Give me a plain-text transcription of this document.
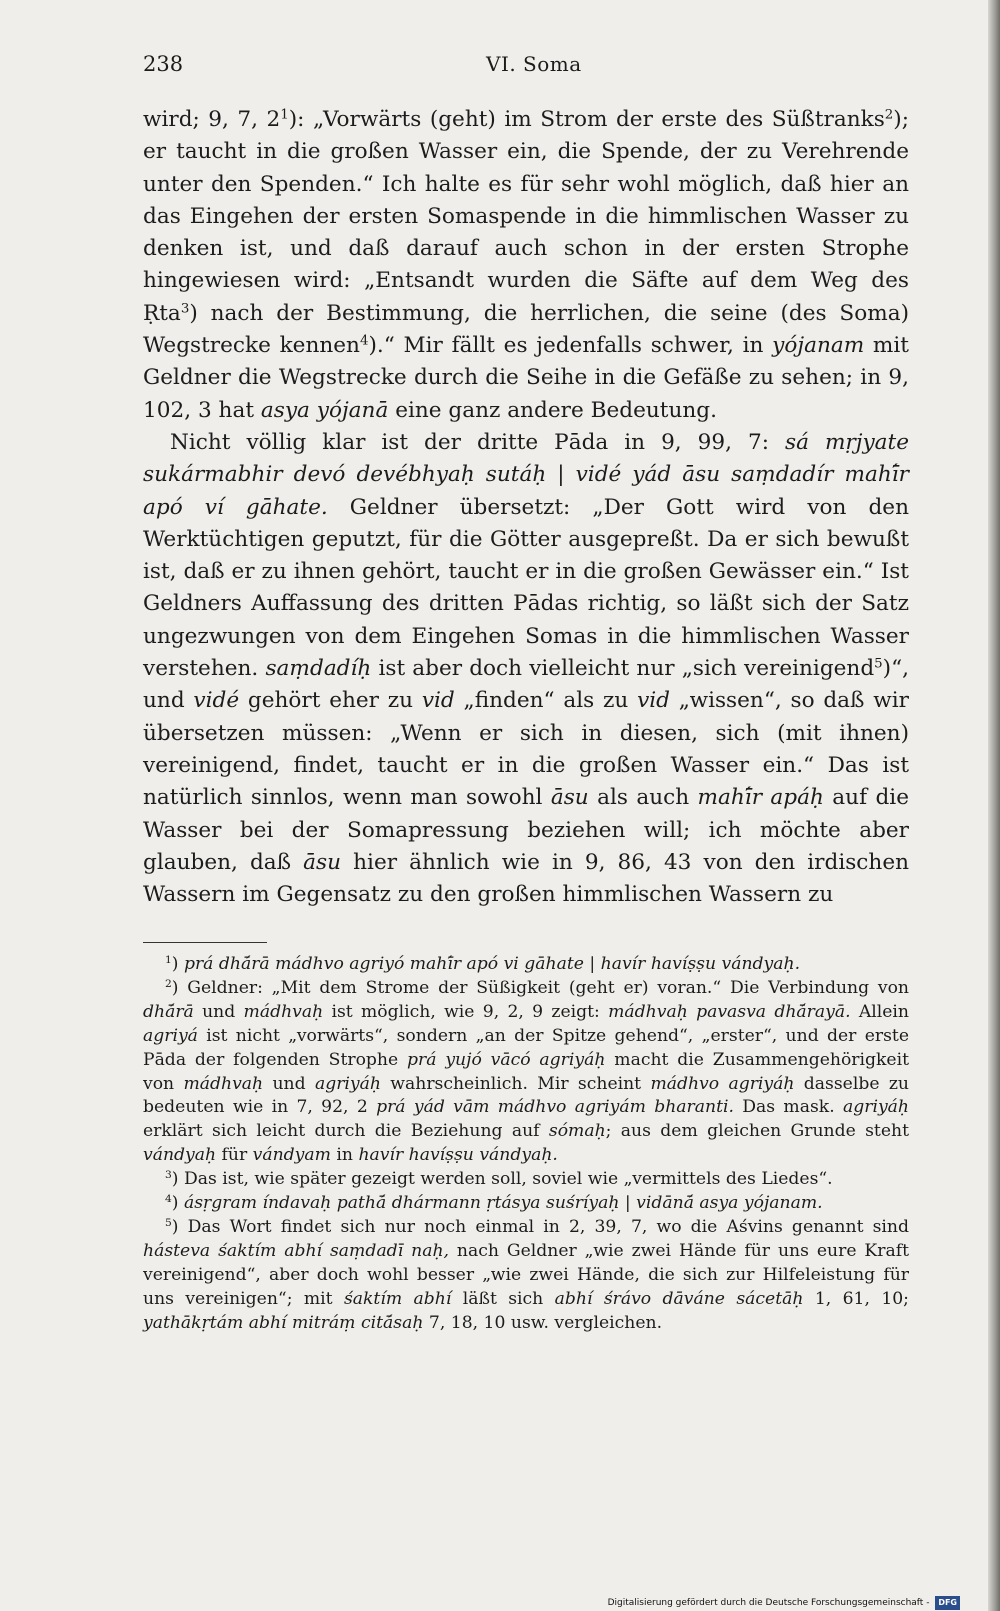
238	VI. Soma

wird; 9, 7, $2^1$): „Vorwärts (geht) im Strom der erste des Süßtranks$^2$); er taucht in die großen Wasser ein, die Spende, der zu Verehrende unter den Spenden.“ Ich halte es für sehr wohl möglich, daß hier an das Eingehen der ersten Somaspende in die himmlischen Wasser zu denken ist, und daß darauf auch schon in der ersten Strophe hingewiesen wird: „Entsandt wurden die Säfte auf dem Weg des Ṛta$^3$) nach der Bestimmung, die herrlichen, die seine (des Soma) Wegstrecke kennen$^4$).“ Mir fällt es jedenfalls schwer, in yójanam mit Geldner die Wegstrecke durch die Seihe in die Gefäße zu sehen; in 9, 102, 3 hat asya yójanā eine ganz andere Bedeutung.

Nicht völlig klar ist der dritte Pāda in 9, 99, 7: sá mṛjyate sukármabhir devó devébhyaḥ sutáḥ | vidé yád āsu saṃdadír mahī́r apó ví gāhate. Geldner übersetzt: „Der Gott wird von den Werktüchtigen geputzt, für die Götter ausgepreßt. Da er sich bewußt ist, daß er zu ihnen gehört, taucht er in die großen Gewässer ein.“ Ist Geldners Auffassung des dritten Pādas richtig, so läßt sich der Satz ungezwungen von dem Eingehen Somas in die himmlischen Wasser verstehen. saṃdadíḥ ist aber doch vielleicht nur „sich vereinigend$^5$)“, und vidé gehört eher zu vid „finden“ als zu vid „wissen“, so daß wir übersetzen müssen: „Wenn er sich in diesen, sich (mit ihnen) vereinigend, findet, taucht er in die großen Wasser ein.“ Das ist natürlich sinnlos, wenn man sowohl āsu als auch mahī́r apáḥ auf die Wasser bei der Somapressung beziehen will; ich möchte aber glauben, daß āsu hier ähnlich wie in 9, 86, 43 von den irdischen Wassern im Gegensatz zu den großen himmlischen Wassern zu

$^1$) prá dhā́rā mádhvo agriyó mahī́r apó vi gāhate | havír havíṣṣu vándyaḥ.

$^2$) Geldner: „Mit dem Strome der Süßigkeit (geht er) voran.“ Die Verbindung von dhā́rā und mádhvaḥ ist möglich, wie 9, 2, 9 zeigt: mádhvaḥ pavasva dhā́rayā. Allein agriyá ist nicht „vorwärts“, sondern „an der Spitze gehend“, „erster“, und der erste Pāda der folgenden Strophe prá yujó vācó agriyáḥ macht die Zusammengehörigkeit von mádhvaḥ und agriyáḥ wahrscheinlich. Mir scheint mádhvo agriyáḥ dasselbe zu bedeuten wie in 7, 92, 2 prá yád vām mádhvo agriyám bharanti. Das mask. agriyáḥ erklärt sich leicht durch die Beziehung auf sómaḥ; aus dem gleichen Grunde steht vándyaḥ für vándyam in havír havíṣṣu vándyaḥ.

$^3$) Das ist, wie später gezeigt werden soll, soviel wie „vermittels des Liedes“.

$^4$) ásṛgram índavaḥ pathā́ dhármann ṛtásya suśríyaḥ | vidānā́ asya yójanam.

$^5$) Das Wort findet sich nur noch einmal in 2, 39, 7, wo die Aśvins genannt sind hásteva śaktím abhí saṃdadī naḥ, nach Geldner „wie zwei Hände für uns eure Kraft vereinigend“, aber doch wohl besser „wie zwei Hände, die sich zur Hilfeleistung für uns vereinigen“; mit śaktím abhí läßt sich abhí śrávo dāváne sácetāḥ 1, 61, 10; yathākṛtám abhí mitráṃ citā́saḥ 7, 18, 10 usw. vergleichen.

Digitalisierung gefördert durch die Deutsche Forschungsgemeinschaft - DFG
